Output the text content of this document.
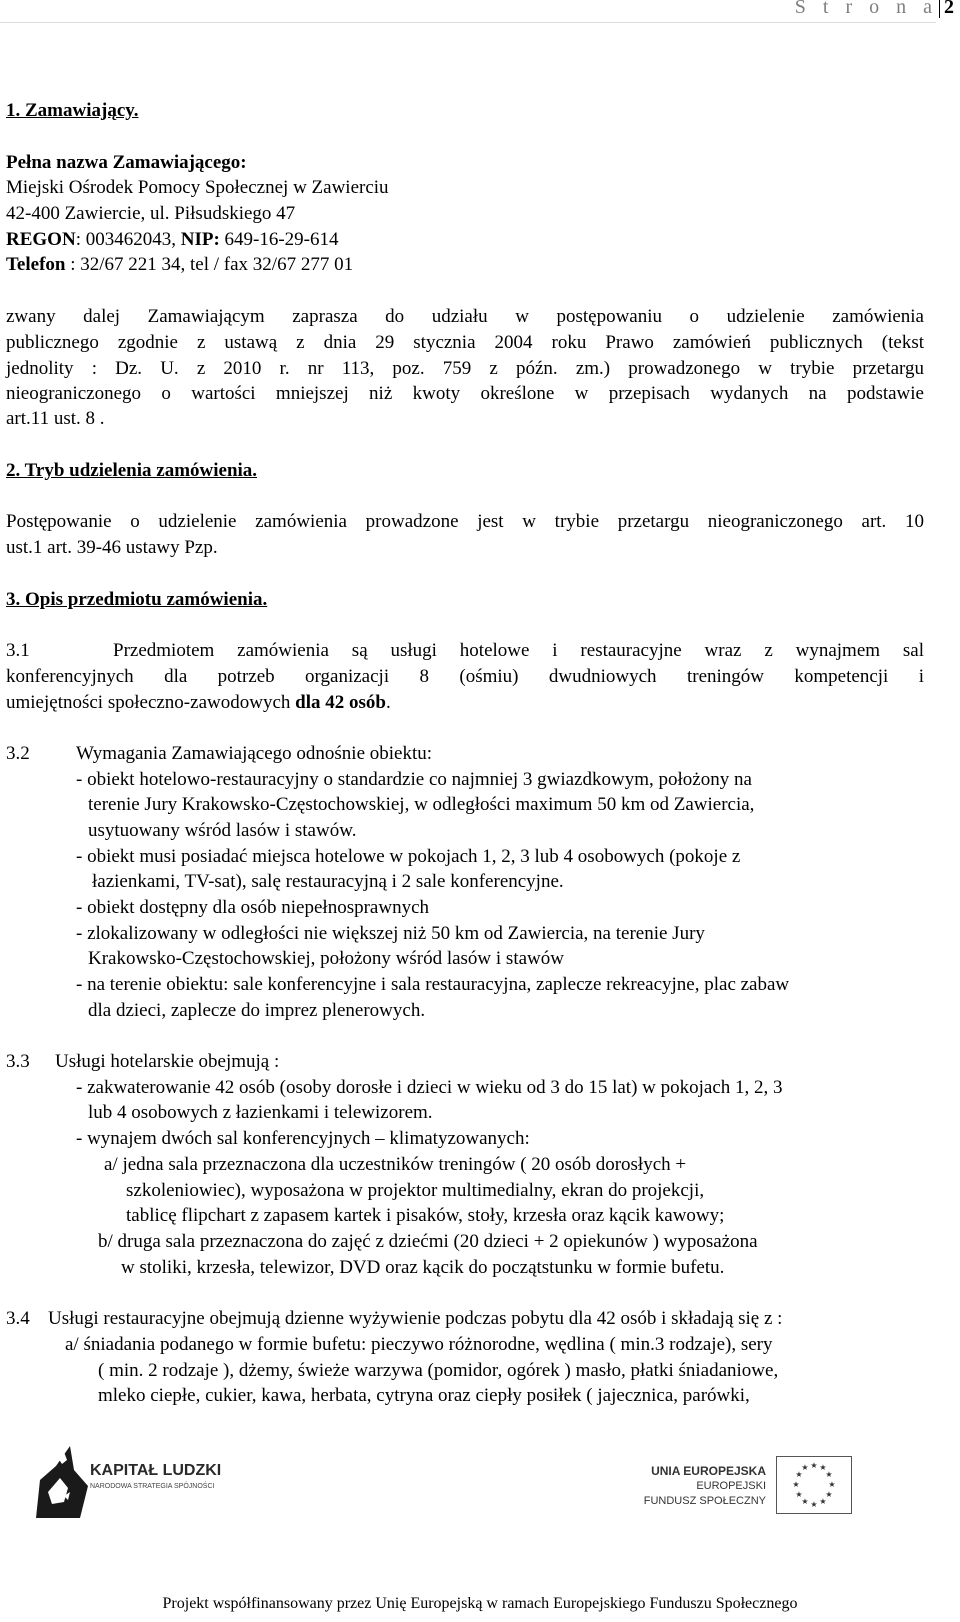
S t r o n a 2
1. Zamawiający.
Pełna nazwa Zamawiającego:
Miejski Ośrodek Pomocy Społecznej w Zawierciu
42-400 Zawiercie, ul. Piłsudskiego 47
REGON: 003462043, NIP: 649-16-29-614
Telefon : 32/67 221 34, tel / fax 32/67 277 01
zwany dalej Zamawiającym zaprasza do udziału w postępowaniu o udzielenie zamówienia
publicznego zgodnie z ustawą z dnia 29 stycznia 2004 roku Prawo zamówień publicznych (tekst
jednolity : Dz. U. z 2010 r. nr 113, poz. 759 z późn. zm.) prowadzonego w trybie przetargu
nieograniczonego o wartości mniejszej niż kwoty określone w przepisach wydanych na podstawie
art.11 ust. 8 .
2. Tryb udzielenia zamówienia.
Postępowanie o udzielenie zamówienia prowadzone jest w trybie przetargu nieograniczonego art. 10
ust.1 art. 39-46 ustawy Pzp.
3. Opis przedmiotu zamówienia.
3.1	Przedmiotem zamówienia są usługi hotelowe i restauracyjne wraz z wynajmem sal
konferencyjnych dla potrzeb organizacji 8 (ośmiu) dwudniowych treningów kompetencji i
umiejętności społeczno-zawodowych dla 42 osób.
3.2 Wymagania Zamawiającego odnośnie obiektu:
- obiekt hotelowo-restauracyjny o standardzie co najmniej 3 gwiazdkowym, położony na
terenie Jury Krakowsko-Częstochowskiej, w odległości maximum 50 km od Zawiercia,
usytuowany wśród lasów i stawów.
- obiekt musi posiadać miejsca hotelowe w pokojach 1, 2, 3 lub 4 osobowych (pokoje z
łazienkami, TV-sat), salę restauracyjną i 2 sale konferencyjne.
- obiekt dostępny dla osób niepełnosprawnych
- zlokalizowany w odległości nie większej niż 50 km od Zawiercia, na terenie Jury
Krakowsko-Częstochowskiej, położony wśród lasów i stawów
- na terenie obiektu: sale konferencyjne i sala restauracyjna, zaplecze rekreacyjne, plac zabaw
dla dzieci, zaplecze do imprez plenerowych.
3.3 Usługi hotelarskie obejmują :
- zakwaterowanie 42 osób (osoby dorosłe i dzieci w wieku od 3 do 15 lat) w pokojach 1, 2, 3
lub 4 osobowych z łazienkami i telewizorem.
- wynajem dwóch sal konferencyjnych – klimatyzowanych:
a/ jedna sala przeznaczona dla uczestników treningów ( 20 osób dorosłych +
szkoleniowiec), wyposażona w projektor multimedialny, ekran do projekcji,
tablicę flipchart z zapasem kartek i pisaków, stoły, krzesła oraz kącik kawowy;
b/ druga sala przeznaczona do zajęć z dziećmi (20 dzieci + 2 opiekunów ) wyposażona
w stoliki, krzesła, telewizor, DVD oraz kącik do początstunku w formie bufetu.
3.4 Usługi restauracyjne obejmują dzienne wyżywienie podczas pobytu dla 42 osób i składają się z :
a/ śniadania podanego w formie bufetu: pieczywo różnorodne, wędlina ( min.3 rodzaje), sery
( min. 2 rodzaje ), dżemy, świeże warzywa (pomidor, ogórek ) masło, płatki śniadaniowe,
mleko ciepłe, cukier, kawa, herbata, cytryna oraz ciepły posiłek ( jajecznica, parówki,
KAPITAŁ LUDZKI
NARODOWA STRATEGIA SPÓJNOŚCI
UNIA EUROPEJSKA
EUROPEJSKI
FUNDUSZ SPOŁECZNY
★ ★
★
★
★
★
★
★
★
★
★
★
Projekt współfinansowany przez Unię Europejską w ramach Europejskiego Funduszu Społecznego
